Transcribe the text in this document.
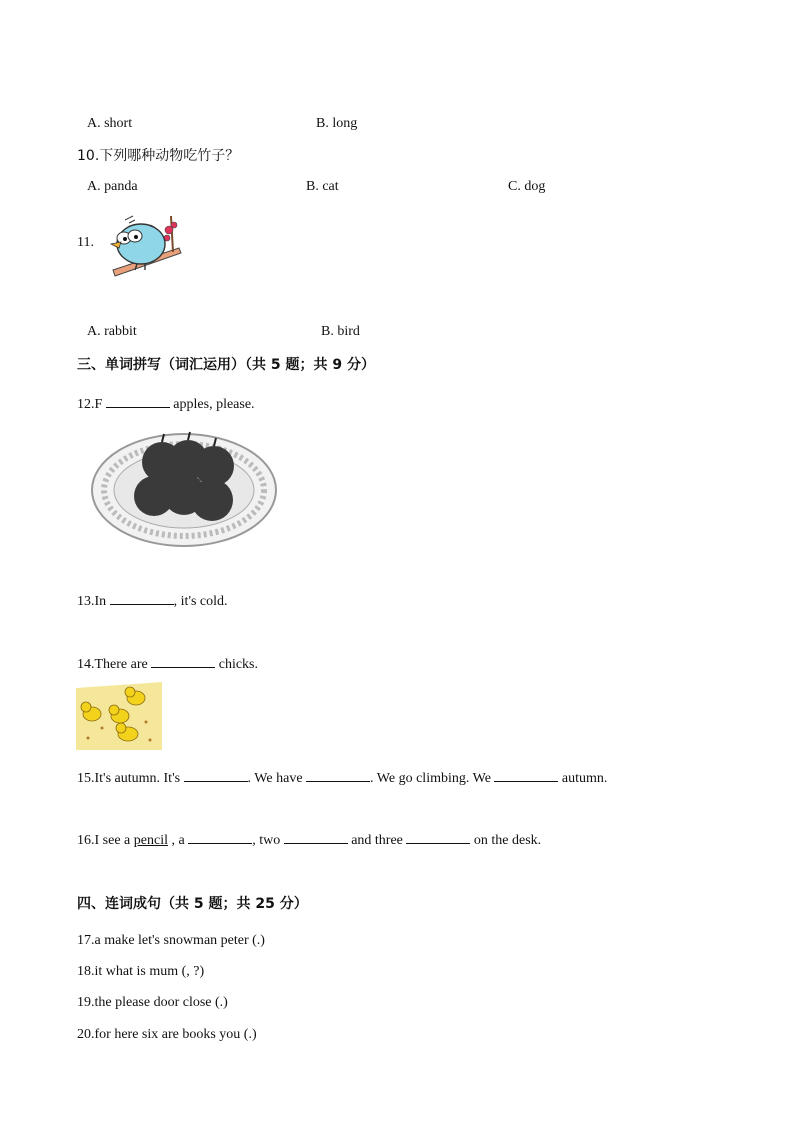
A. short	B. long
10.下列哪种动物吃竹子？
A. panda	B. cat	C. dog
11.
A. rabbit	B. bird
三、单词拼写（词汇运用）（共 5 题；共 9 分）
12.F	apples, please.
13.In	, it's cold.
14.There are	chicks.
15.It's autumn. It's	. We have	. We go climbing. We	autumn.
16.I see a pencil , a	, two	and three	on the desk.
四、连词成句（共 5 题；共 25 分）
17.a make let's snowman peter (.)
18.it what is mum (, ?)
19.the please door close (.)
20.for here six are books you (.)
